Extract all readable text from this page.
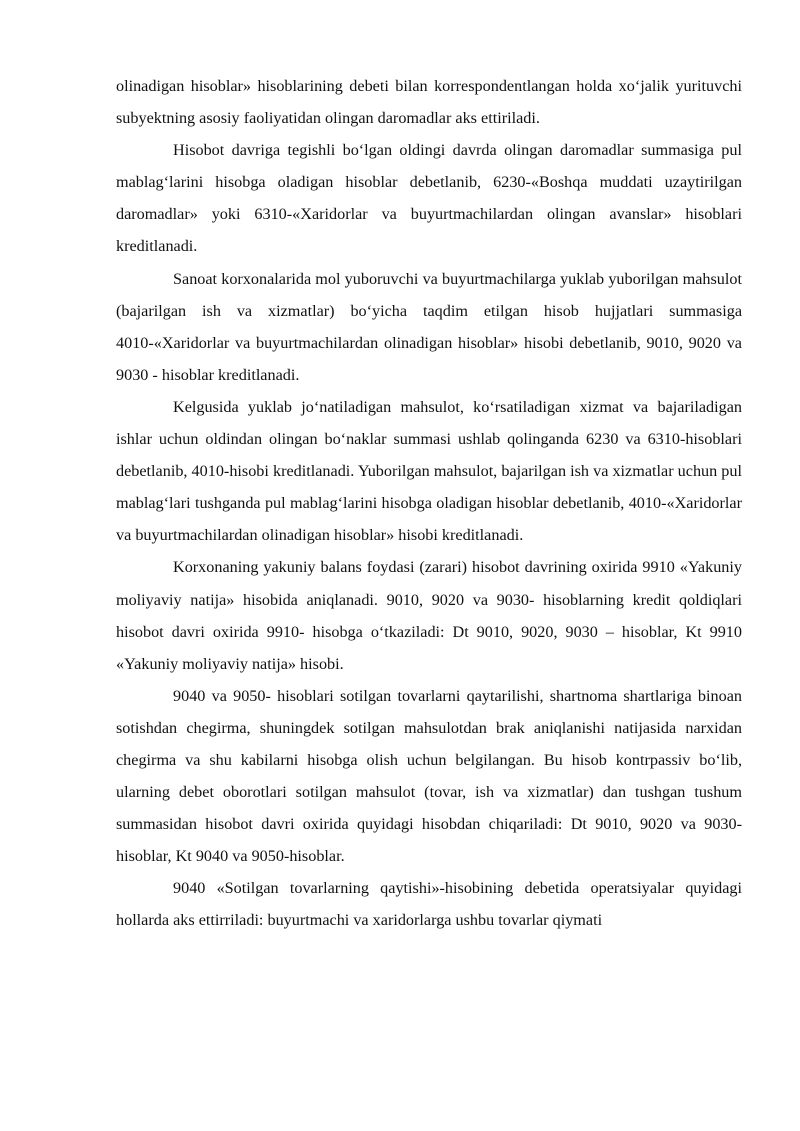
olinadigan hisoblar» hisoblarining debeti bilan korrespondentlangan holda xo‘jalik yurituvchi subyektning asosiy faoliyatidan olingan daromadlar aks ettiriladi.

Hisobot davriga tegishli bo‘lgan oldingi davrda olingan daromadlar summasiga pul mablag‘larini hisobga oladigan hisoblar debetlanib, 6230-«Boshqa muddati uzaytirilgan daromadlar» yoki 6310-«Xaridorlar va buyurtmachilardan olingan avanslar» hisoblari kreditlanadi.

Sanoat korxonalarida mol yuboruvchi va buyurtmachilarga yuklab yuborilgan mahsulot (bajarilgan ish va xizmatlar) bo‘yicha taqdim etilgan hisob hujjatlari summasiga 4010-«Xaridorlar va buyurtmachilardan olinadigan hisoblar» hisobi debetlanib, 9010, 9020 va 9030 - hisoblar kreditlanadi.

Kelgusida yuklab jo‘natiladigan mahsulot, ko‘rsatiladigan xizmat va bajariladigan ishlar uchun oldindan olingan bo‘naklar summasi ushlab qolinganda 6230 va 6310-hisoblari debetlanib, 4010-hisobi kreditlanadi. Yuborilgan mahsulot, bajarilgan ish va xizmatlar uchun pul mablag‘lari tushganda pul mablag‘larini hisobga oladigan hisoblar debetlanib, 4010-«Xaridorlar va buyurtmachilardan olinadigan hisoblar» hisobi kreditlanadi.

Korxonaning yakuniy balans foydasi (zarari) hisobot davrining oxirida 9910 «Yakuniy moliyaviy natija» hisobida aniqlanadi. 9010, 9020 va 9030- hisoblarning kredit qoldiqlari hisobot davri oxirida 9910- hisobga o‘tkaziladi: Dt 9010, 9020, 9030 – hisoblar, Kt 9910 «Yakuniy moliyaviy natija» hisobi.

9040 va 9050- hisoblari sotilgan tovarlarni qaytarilishi, shartnoma shartlariga binoan sotishdan chegirma, shuningdek sotilgan mahsulotdan brak aniqlanishi natijasida narxidan chegirma va shu kabilarni hisobga olish uchun belgilangan. Bu hisob kontrpassiv bo‘lib, ularning debet oborotlari sotilgan mahsulot (tovar, ish va xizmatlar) dan tushgan tushum summasidan hisobot davri oxirida quyidagi hisobdan chiqariladi: Dt 9010, 9020 va 9030-hisoblar, Kt 9040 va 9050-hisoblar.

9040 «Sotilgan tovarlarning qaytishi»-hisobining debetida operatsiyalar quyidagi hollarda aks ettirriladi: buyurtmachi va xaridorlarga ushbu tovarlar qiymati
